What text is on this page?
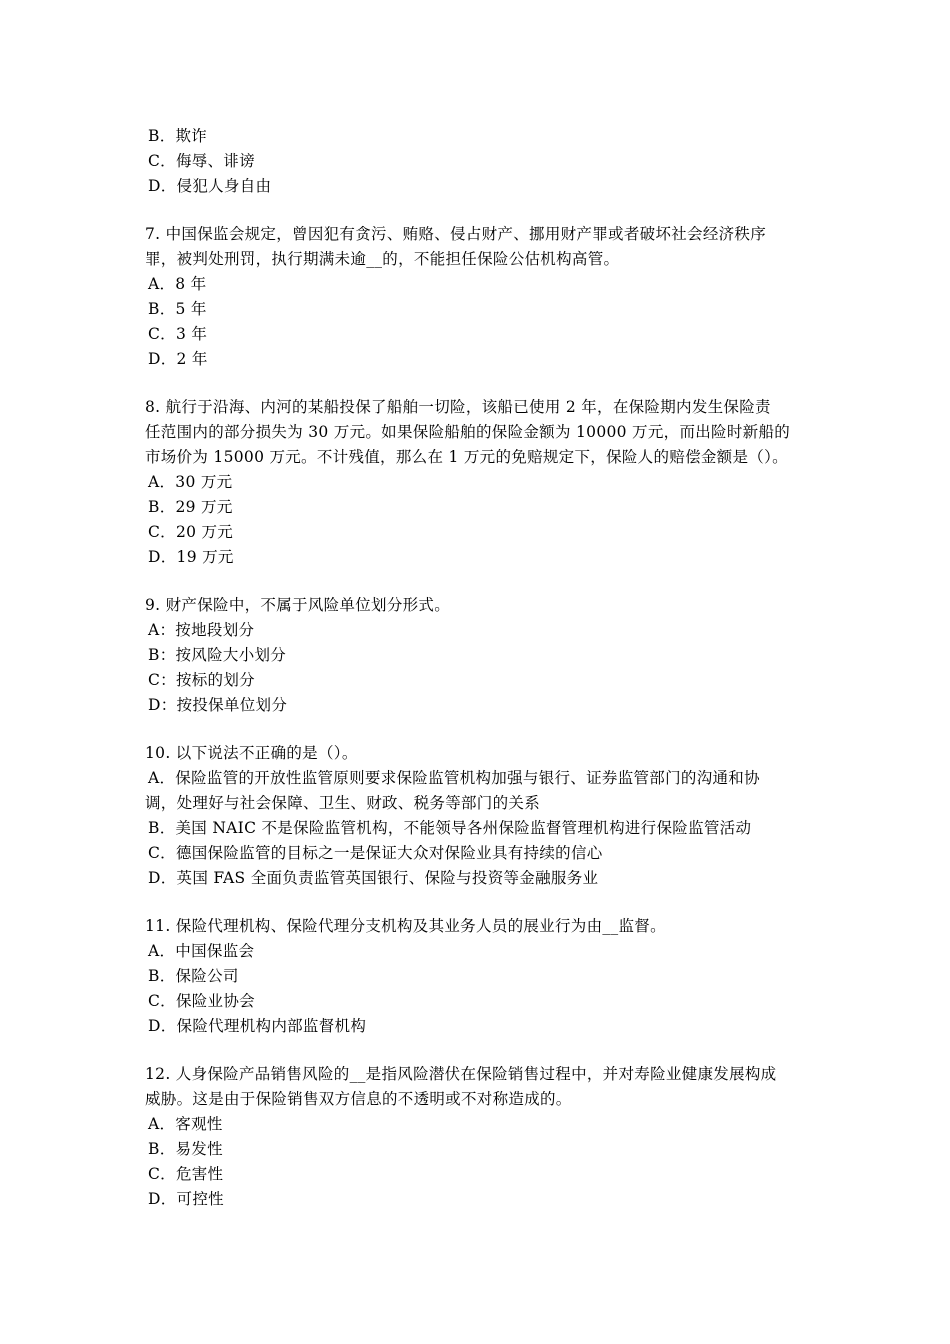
B．欺诈
C．侮辱、诽谤
D．侵犯人身自由
7. 中国保监会规定，曾因犯有贪污、贿赂、侵占财产、挪用财产罪或者破坏社会经济秩序
罪，被判处刑罚，执行期满未逾__的，不能担任保险公估机构高管。
A．8 年
B．5 年
C．3 年
D．2 年
8. 航行于沿海、内河的某船投保了船舶一切险，该船已使用 2 年，在保险期内发生保险责
任范围内的部分损失为 30 万元。如果保险船舶的保险金额为 10000 万元，而出险时新船的
市场价为 15000 万元。不计残值，那么在 1 万元的免赔规定下，保险人的赔偿金额是（）。
A．30 万元
B．29 万元
C．20 万元
D．19 万元
9. 财产保险中，不属于风险单位划分形式。
A：按地段划分
B：按风险大小划分
C：按标的划分
D：按投保单位划分
10. 以下说法不正确的是（）。
A．保险监管的开放性监管原则要求保险监管机构加强与银行、证券监管部门的沟通和协
调，处理好与社会保障、卫生、财政、税务等部门的关系
B．美国 NAIC 不是保险监管机构，不能领导各州保险监督管理机构进行保险监管活动
C．德国保险监管的目标之一是保证大众对保险业具有持续的信心
D．英国 FAS 全面负责监管英国银行、保险与投资等金融服务业
11. 保险代理机构、保险代理分支机构及其业务人员的展业行为由__监督。
A．中国保监会
B．保险公司
C．保险业协会
D．保险代理机构内部监督机构
12. 人身保险产品销售风险的__是指风险潜伏在保险销售过程中，并对寿险业健康发展构成
威胁。这是由于保险销售双方信息的不透明或不对称造成的。
A．客观性
B．易发性
C．危害性
D．可控性
